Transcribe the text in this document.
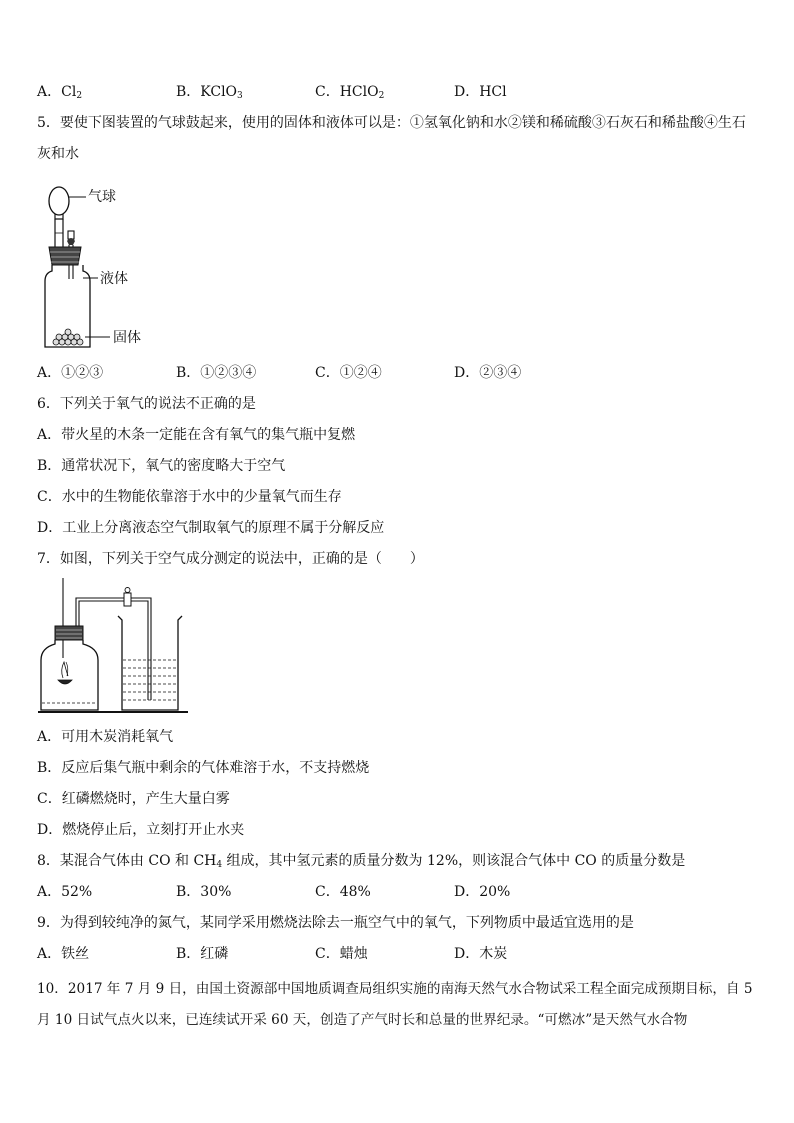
A．$Cl_2$	B．KClO$_3$	C．HClO$_2$	D．HCl
5．要使下图装置的气球鼓起来，使用的固体和液体可以是：①氢氧化钠和水②镁和稀硫酸③石灰石和稀盐酸④生石
灰和水
气球
液体
固体
A．①②③	B．①②③④	C．①②④	D．②③④
6．下列关于氧气的说法不正确的是
A．带火星的木条一定能在含有氧气的集气瓶中复燃
B．通常状况下，氧气的密度略大于空气
C．水中的生物能依靠溶于水中的少量氧气而生存
D．工业上分离液态空气制取氧气的原理不属于分解反应
7．如图，下列关于空气成分测定的说法中，正确的是（　　）
A．可用木炭消耗氧气
B．反应后集气瓶中剩余的气体难溶于水，不支持燃烧
C．红磷燃烧时，产生大量白雾
D．燃烧停止后，立刻打开止水夹
8．某混合气体由 CO 和 $CH_4$ 组成，其中氢元素的质量分数为 12%，则该混合气体中 CO 的质量分数是
A．52%	B．30%	C．48%	D．20%
9．为得到较纯净的氮气，某同学采用燃烧法除去一瓶空气中的氧气，下列物质中最适宜选用的是
A．铁丝	B．红磷	C．蜡烛	D．木炭
10．2017 年 7 月 9 日，由国土资源部中国地质调查局组织实施的南海天然气水合物试采工程全面完成预期目标，自 5
月 10 日试气点火以来，已连续试开采 60 天，创造了产气时长和总量的世界纪录。“可燃冰”是天然气水合物
